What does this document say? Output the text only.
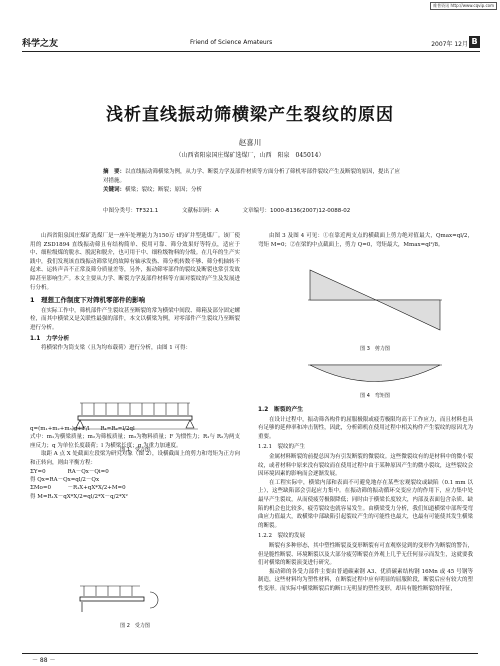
维普资讯 http://www.cqvip.com
科学之友	Friend of Science Amateurs	2007年 12月 B
浅析直线振动筛横梁产生裂纹的原因
赵喜川
（山西省阳泉国庄煤矿选煤厂，山西　阳泉　045014）
摘　要：以直线振动筛横梁为例，从力学、断裂力学及部件材质等方面分析了筛机零部件裂纹产生及断裂的原因，提出了应对措施。
关键词：横梁；裂纹；断裂；原因；分析
中图分类号：TF321.1	文献标识码：A	文章编号：1000-8136(2007)12-0088-02

山西省阳泉国庄煤矿选煤厂是一座年处理能力为150万 t的矿井型选煤厂。该厂使用的 ZSD1894 直线振动筛且有结构简单、使用可靠、筛分效果好等特点，适应于中、细粒级煤的脱水、脱泥和脱介，也可用于中、细粒级物料的分级。在几年的生产实践中，我们发现该直线振动筛常见的故障有轴承发热、筛分机转数不够、筛分机轴转不起来、运转声音不正常及筛分质量差等，另外，振动筛零部件的裂纹及断裂也常引发故障甚至影响生产。本文主要从力学、断裂力学及部件材料等方面对裂纹的产生及发展进行分析。

1　理想工作制度下对筛机零部件的影响

在实际工作中，筛机部件产生裂纹甚至断裂的常为横梁中间段、筛箱及部分固定螺栓，而其中横梁又是关联性最强的部件，本文以横梁为例，对零部件产生裂纹乃至断裂进行分析。

1.1　力学分析

将横梁作为筒支梁（且为均布载荷）进行分析，由图 1 可得：

q=(m₁+m₂+m₃)g+F/l　　R₁=R₂=l/2ql
式中：m₁为横梁质量；m₂为筛板质量；m₃为物料质量；F 为惯性力；R₁与 R₂为两支座反力；q 为单位长度载荷；l 为横梁长度；g 为重力加速度。

取距 A 点 X 处截面左段梁为研究对象（图 2），设横截面上的剪力和弯矩为正方向和正转向，则由平衡方程：

ΣY=0　　　　RA－Qx－Qi=0
得 Qx=RA－Qx=ql/2－Qx
ΣMo=0　　　－R₁X+qX*X/2+M=0
得 M=R₁X－qX*X/2=ql/2*X－q/2*X²
图 1　受力图
图 2　受力图

由图 3 及图 4 可见：①在靠近两支点的横截面上剪力绝对值最大，Qmax=ql/2，弯矩 M=0；②在梁的中点截面上，剪力 Q=0，弯矩最大，Mmax=ql²/8。

图 3　剪力图
图 4　弯矩图
1.2　断裂的产生

在设计过程中，振动筛各构件的屈服极限或疲劳极限均高于工作应力，而且材料也具有足够的延伸率和冲击韧性，因此，分析筛机在使用过程中相关构件产生裂纹的原因尤为重要。

1.2.1　裂纹的产生

金属材料断裂的前提总因为有引发断裂的微裂纹。这些微裂纹有的是材料中的微小裂纹，或者材料中原来没有裂纹而在使用过程中由于某种原因产生的微小裂纹，这些裂纹会因环境因素的影响而会逐渐发展。

在工程实际中，横梁内部和表面不可避免地存在某些宏观裂纹或缺陷（0.1 mm 以上），这些缺陷部会引起应力集中。在振动筛的振动循环交变应力的作用下，应力集中处最早产生裂纹，从而使疲劳极限降低；同时由于横梁长度较大，内部及表面包含杂质、缺陷的机会也比较多，疲劳裂纹也就容易发生。由横梁受力分析，我们知道横梁中部所受弯曲应力值最大，故横梁中部缺陷引起裂纹产生的可能性也最大，也最有可能使其发生横梁的断裂。

1.2.2　裂纹的发展

断裂有多种形态，其中塑性断裂及变形断裂有可直观察觉到的变形作为断裂的警告，但是脆性断裂、环境断裂以及大部分疲劳断裂在外观上几乎无任何显示而发生，这就要我们对横梁的断裂演变进行研究。

振动筛的各受力部件主要由普通碳素钢 A3、优质碳素结构钢 16Mn 或 45 号钢等制造，这些材料均为塑性材料，在断裂过程中应有明显的屈服阶段，断裂后应有较大的塑性变形。而实际中横梁断裂后的断口无明显的塑性变形，却具有脆性断裂的特征，

－ 88 －
